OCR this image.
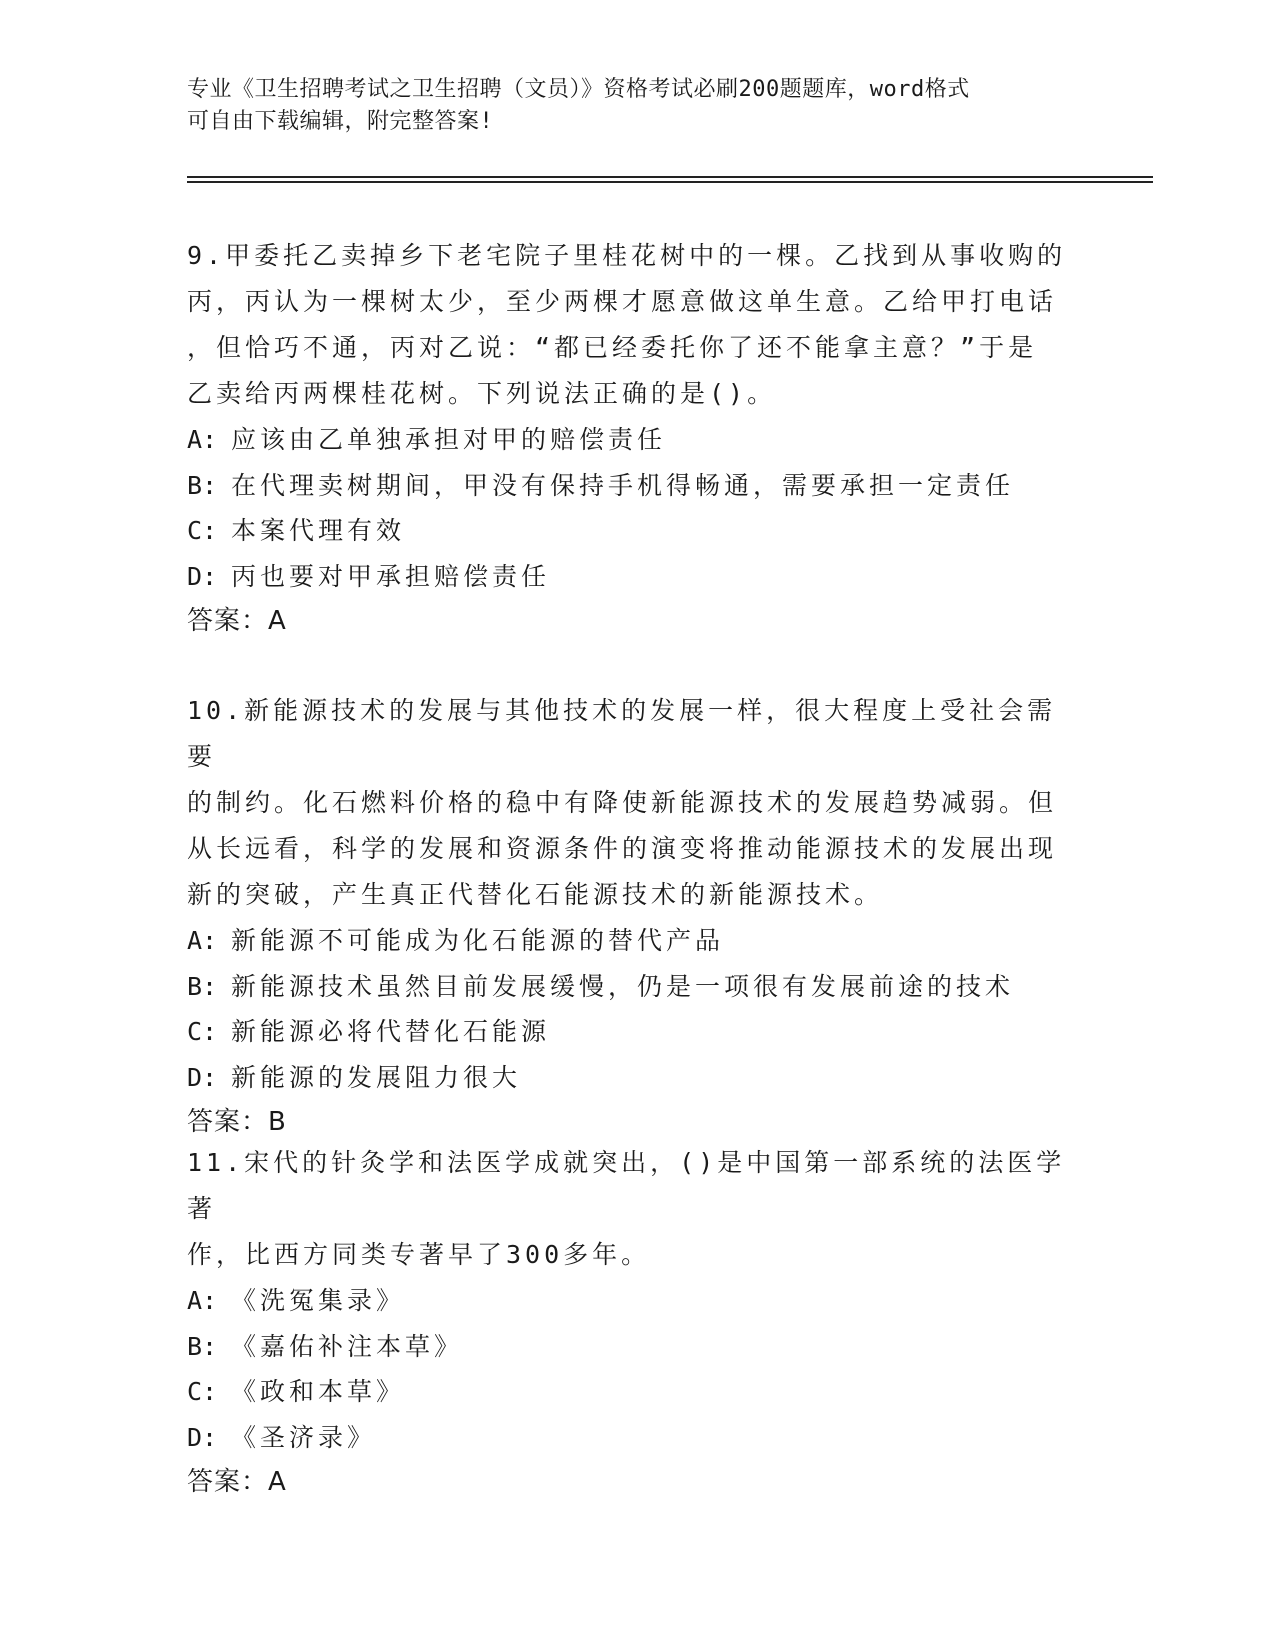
专业《卫生招聘考试之卫生招聘（文员）》资格考试必刷200题题库，word格式
可自由下载编辑，附完整答案!
9.甲委托乙卖掉乡下老宅院子里桂花树中的一棵。乙找到从事收购的
丙，丙认为一棵树太少，至少两棵才愿意做这单生意。乙给甲打电话
，但恰巧不通，丙对乙说：“都已经委托你了还不能拿主意？”于是
乙卖给丙两棵桂花树。下列说法正确的是()。
A: 应该由乙单独承担对甲的赔偿责任
B: 在代理卖树期间，甲没有保持手机得畅通，需要承担一定责任
C: 本案代理有效
D: 丙也要对甲承担赔偿责任
答案：A
10.新能源技术的发展与其他技术的发展一样，很大程度上受社会需要
的制约。化石燃料价格的稳中有降使新能源技术的发展趋势减弱。但
从长远看，科学的发展和资源条件的演变将推动能源技术的发展出现
新的突破，产生真正代替化石能源技术的新能源技术。
A: 新能源不可能成为化石能源的替代产品
B: 新能源技术虽然目前发展缓慢，仍是一项很有发展前途的技术
C: 新能源必将代替化石能源
D: 新能源的发展阻力很大
答案：B
11.宋代的针灸学和法医学成就突出，()是中国第一部系统的法医学著
作，比西方同类专著早了300多年。
A: 《洗冤集录》
B: 《嘉佑补注本草》
C: 《政和本草》
D: 《圣济录》
答案：A
